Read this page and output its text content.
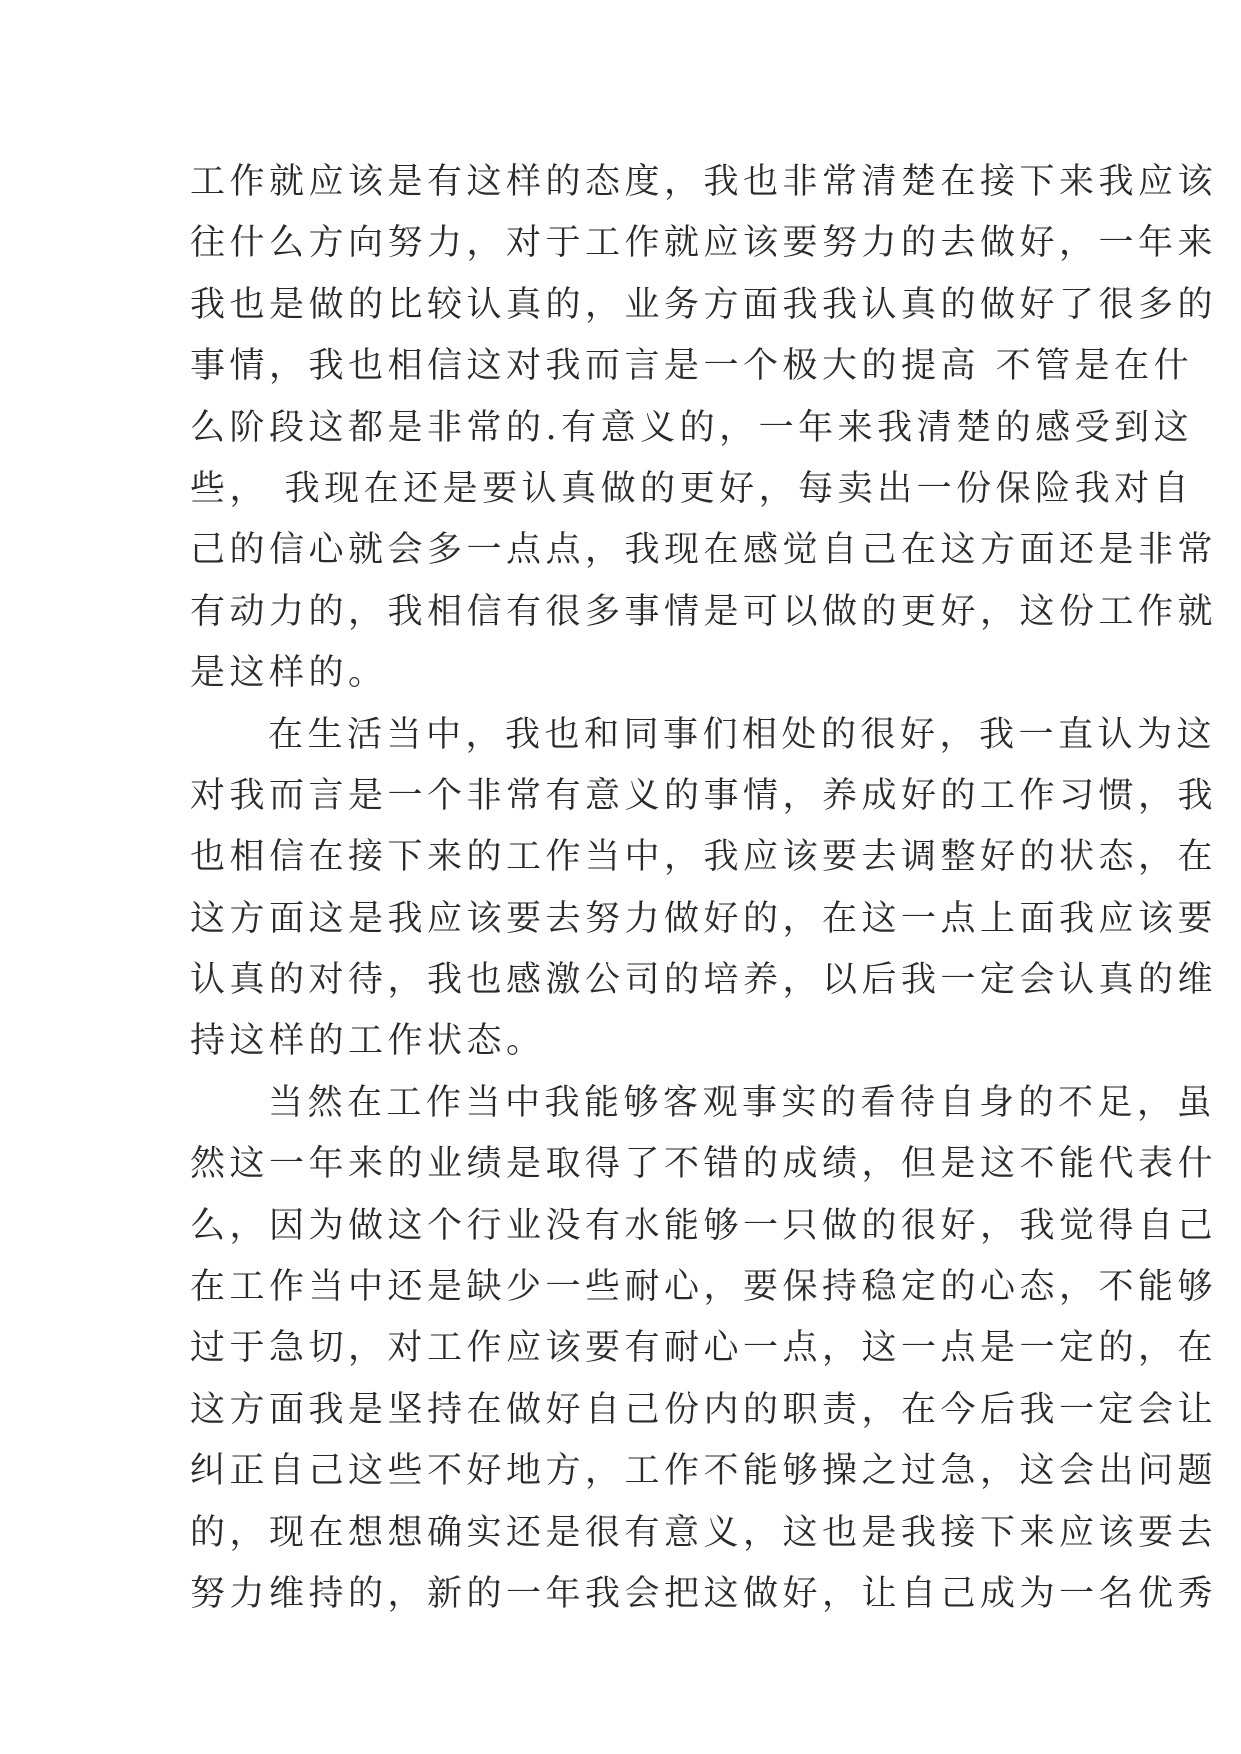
工作就应该是有这样的态度，我也非常清楚在接下来我应该
往什么方向努力，对于工作就应该要努力的去做好，一年来
我也是做的比较认真的，业务方面我我认真的做好了很多的
事情，我也相信这对我而言是一个极大的提高 不管是在什
么阶段这都是非常的.有意义的，一年来我清楚的感受到这
些， 我现在还是要认真做的更好，每卖出一份保险我对自
己的信心就会多一点点，我现在感觉自己在这方面还是非常
有动力的，我相信有很多事情是可以做的更好，这份工作就
是这样的。
在生活当中，我也和同事们相处的很好，我一直认为这
对我而言是一个非常有意义的事情，养成好的工作习惯，我
也相信在接下来的工作当中，我应该要去调整好的状态，在
这方面这是我应该要去努力做好的，在这一点上面我应该要
认真的对待，我也感激公司的培养，以后我一定会认真的维
持这样的工作状态。
当然在工作当中我能够客观事实的看待自身的不足，虽
然这一年来的业绩是取得了不错的成绩，但是这不能代表什
么，因为做这个行业没有水能够一只做的很好，我觉得自己
在工作当中还是缺少一些耐心，要保持稳定的心态，不能够
过于急切，对工作应该要有耐心一点，这一点是一定的，在
这方面我是坚持在做好自己份内的职责，在今后我一定会让
纠正自己这些不好地方，工作不能够操之过急，这会出问题
的，现在想想确实还是很有意义，这也是我接下来应该要去
努力维持的，新的一年我会把这做好，让自己成为一名优秀
